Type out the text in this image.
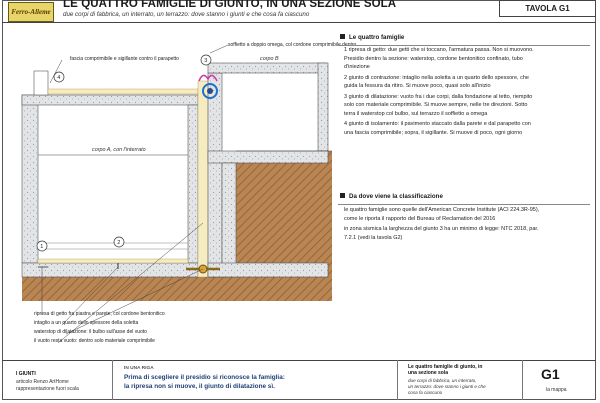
Ferro-Alleme
LE QUATTRO FAMIGLIE DI GIUNTO, IN UNA SEZIONE SOLA
due corpi di fabbrica, un interrato, un terrazzo: dove stanno i giunti e che cosa fa ciascuno
TAVOLA G1
corpo B
corpo A, con l'interrato
4
3
1
2
fascia comprimibile e sigillante contro il parapetto
soffietto a doppio omega, col cordone comprimibile dentro
ripresa di getto fra piastra e parete, col cordone bentonitico
intaglio a un quarto dello spessore della soletta
waterstop di dilatazione: il bulbo sull'asse del vuoto
il vuoto resta vuoto: dentro solo materiale comprimibile
Le quattro famiglie
1 ripresa di getto: due getti che si toccano, l'armatura passa. Non si muovono. Presidio dentro la sezione: waterstop, cordone bentonitico confinato, tubo d'iniezione
2 giunto di contrazione: intaglio nella soletta a un quarto dello spessore, che guida la fessura da ritiro. Si muove poco, quasi solo all'inizio
3 giunto di dilatazione: vuoto fra i due corpi, dalla fondazione al tetto, riempito solo con materiale comprimibile. Si muove sempre, nelle tre direzioni. Sotto terra il waterstop col bulbo, sul terrazzo il soffietto a omega
4 giunto di isolamento: il pavimento staccato dalla parete e dal parapetto con una fascia comprimibile; sopra, il sigillante. Si muove di poco, ogni giorno
Da dove viene la classificazione
le quattro famiglie sono quelle dell'American Concrete Institute (ACI 224.3R-95), come le riporta il rapporto del Bureau of Reclamation del 2016
in zona sismica la larghezza del giunto 3 ha un minimo di legge: NTC 2018, par. 7.2.1 (vedi la tavola G2)
I GIUNTI
articolo Renzo ArtHome
rappresentazione fuori scala
IN UNA RIGA
Prima di scegliere il presidio si riconosce la famiglia:
la ripresa non si muove, il giunto di dilatazione sì.
Le quattro famiglie di giunto, in
una sezione sola
due corpi di fabbrica, un interrato,
un terrazzo: dove stanno i giunti e che
cosa fa ciascuno
G1
la mappa
